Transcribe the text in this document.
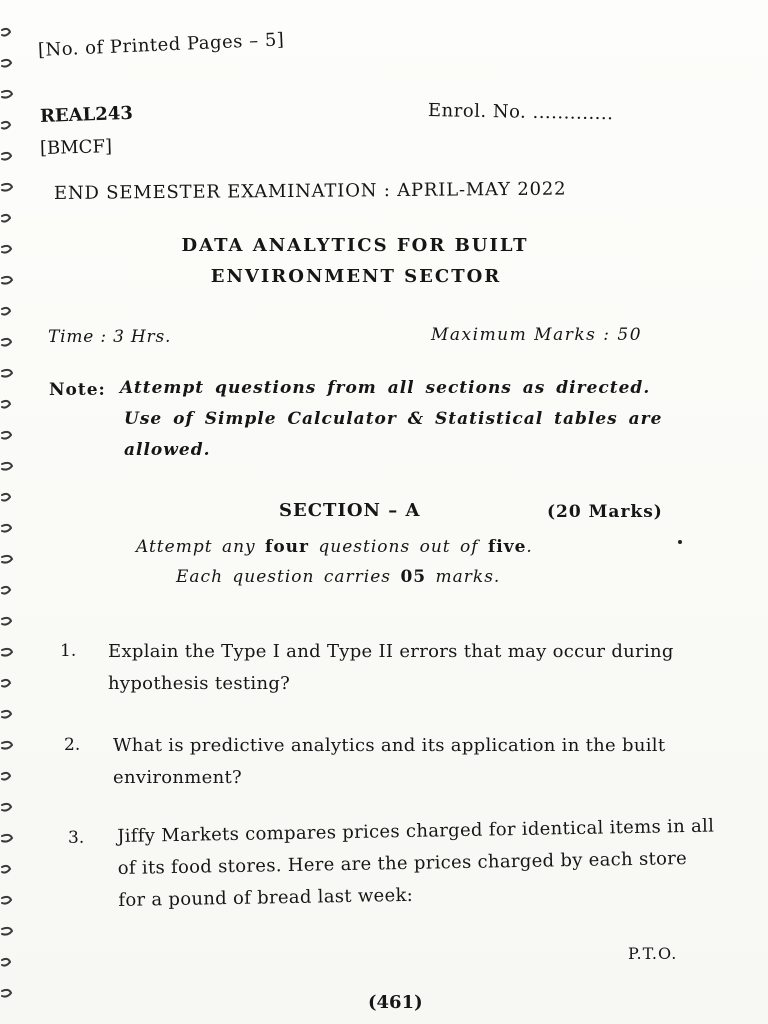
[No. of Printed Pages – 5]
REAL243
[BMCF]
Enrol. No. .............
END SEMESTER EXAMINATION : APRIL-MAY 2022
DATA ANALYTICS FOR BUILT
ENVIRONMENT SECTOR
Time : 3 Hrs.	Maximum Marks : 50
Note: Attempt questions from all sections as directed.
Use of Simple Calculator & Statistical tables are
allowed.
SECTION – A	(20 Marks)
Attempt any four questions out of five.
Each question carries 05 marks.
1. Explain the Type I and Type II errors that may occur during hypothesis testing?
2. What is predictive analytics and its application in the built environment?
3. Jiffy Markets compares prices charged for identical items in all of its food stores. Here are the prices charged by each store for a pound of bread last week:
P.T.O.
(461)
